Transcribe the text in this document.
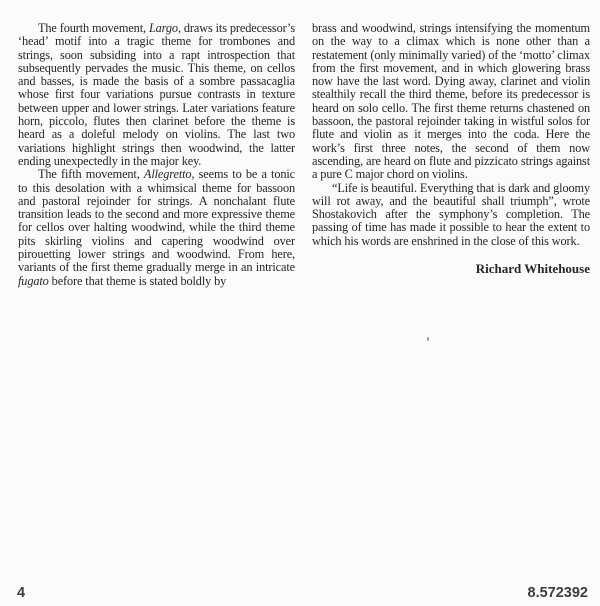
The fourth movement, Largo, draws its predecessor’s ‘head’ motif into a tragic theme for trombones and strings, soon subsiding into a rapt introspection that subsequently pervades the music. This theme, on cellos and basses, is made the basis of a sombre passacaglia whose first four variations pursue contrasts in texture between upper and lower strings. Later variations feature horn, piccolo, flutes then clarinet before the theme is heard as a doleful melody on violins. The last two variations highlight strings then woodwind, the latter ending unexpectedly in the major key.

The fifth movement, Allegretto, seems to be a tonic to this desolation with a whimsical theme for bassoon and pastoral rejoinder for strings. A nonchalant flute transition leads to the second and more expressive theme for cellos over halting woodwind, while the third theme pits skirling violins and capering woodwind over pirouetting lower strings and woodwind. From here, variants of the first theme gradually merge in an intricate fugato before that theme is stated boldly by

brass and woodwind, strings intensifying the momentum on the way to a climax which is none other than a restatement (only minimally varied) of the ‘motto’ climax from the first movement, and in which glowering brass now have the last word. Dying away, clarinet and violin stealthily recall the third theme, before its predecessor is heard on solo cello. The first theme returns chastened on bassoon, the pastoral rejoinder taking in wistful solos for flute and violin as it merges into the coda. Here the work’s first three notes, the second of them now ascending, are heard on flute and pizzicato strings against a pure C major chord on violins.

“Life is beautiful. Everything that is dark and gloomy will rot away, and the beautiful shall triumph”, wrote Shostakovich after the symphony’s completion. The passing of time has made it possible to hear the extent to which his words are enshrined in the close of this work.

Richard Whitehouse
4	8.572392
